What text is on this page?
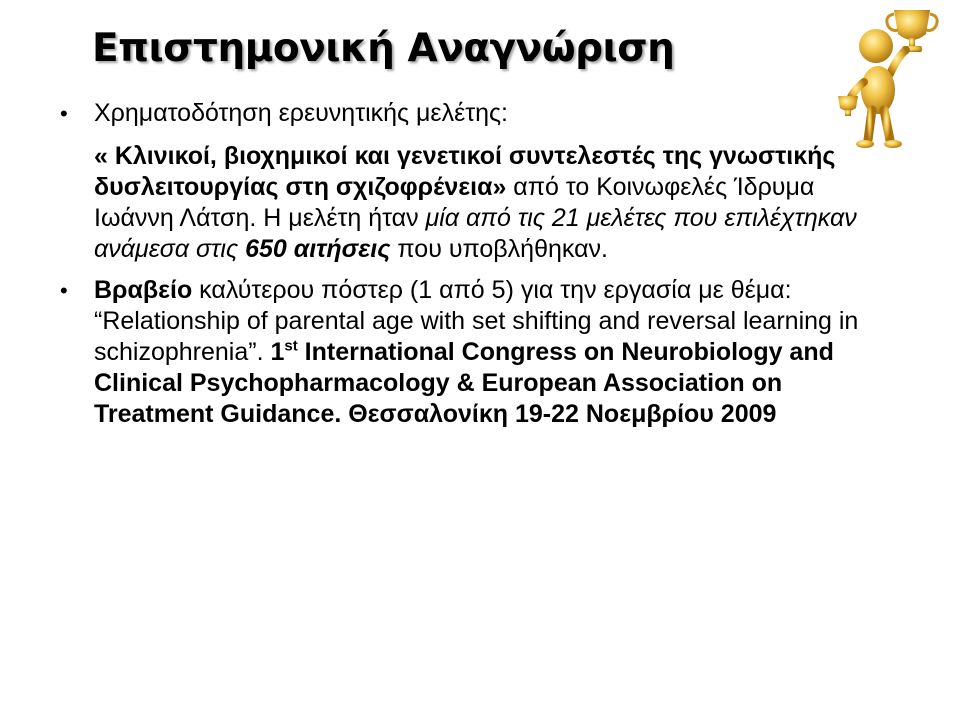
Επιστημονική Αναγνώριση
• Χρηματοδότηση ερευνητικής μελέτης:
« Κλινικοί, βιοχημικοί και γενετικοί συντελεστές της γνωστικής δυσλειτουργίας στη σχιζοφρένεια» από το Κοινωφελές Ίδρυμα Ιωάννη Λάτση. Η μελέτη ήταν μία από τις 21 μελέτες που επιλέχτηκαν ανάμεσα στις 650 αιτήσεις που υποβλήθηκαν.
• Βραβείο καλύτερου πόστερ (1 από 5) για την εργασία με θέμα: “Relationship of parental age with set shifting and reversal learning in schizophrenia”. 1st International Congress on Neurobiology and Clinical Psychopharmacology & European Association on Treatment Guidance. Θεσσαλονίκη 19-22 Νοεμβρίου 2009
